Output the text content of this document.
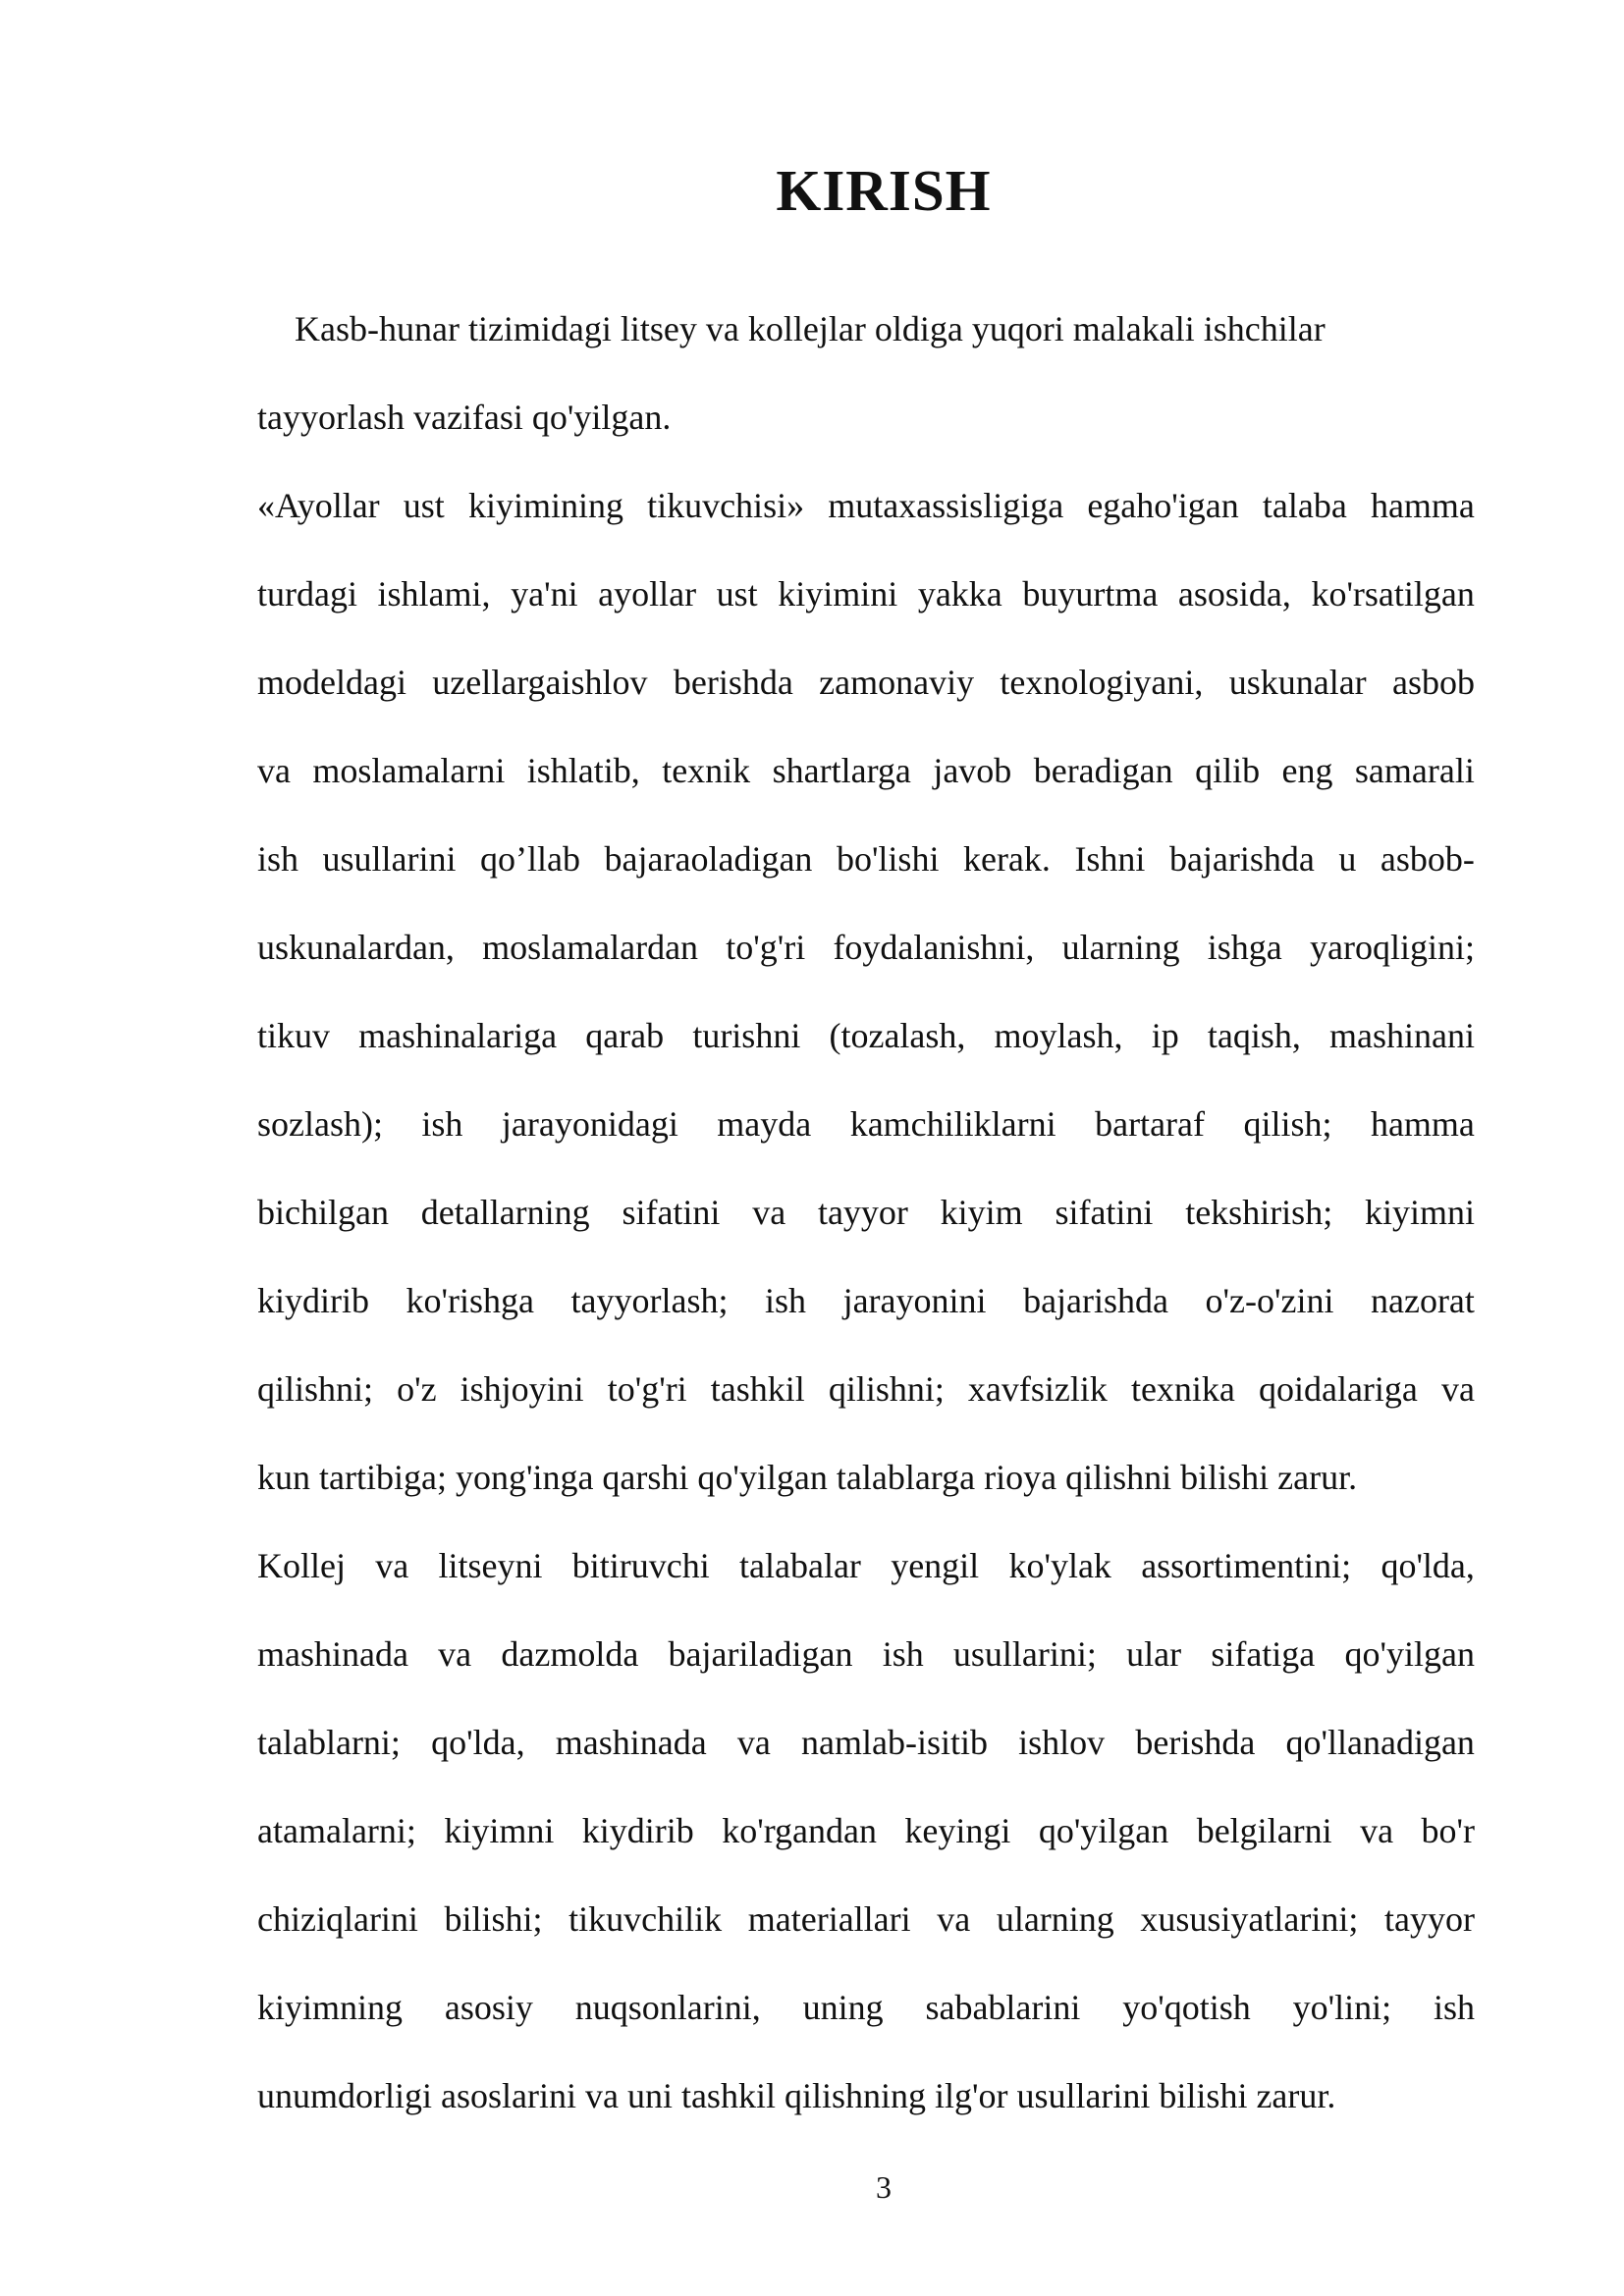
KIRISH
Kasb-hunar tizimidagi litsey va kollejlar oldiga yuqori malakali ishchilar
tayyorlash vazifasi qo'yilgan.
«Ayollar ust kiyimining tikuvchisi» mutaxassisligiga egaho'igan talaba hamma
turdagi ishlami, ya'ni ayollar ust kiyimini yakka buyurtma asosida, ko'rsatilgan
modeldagi uzellargaishlov berishda zamonaviy texnologiyani, uskunalar asbob
va moslamalarni ishlatib, texnik shartlarga javob beradigan qilib eng samarali
ish usullarini qo’llab bajaraoladigan bo'lishi kerak. Ishni bajarishda u asbob-
uskunalardan, moslamalardan to'g'ri foydalanishni, ularning ishga yaroqligini;
tikuv mashinalariga qarab turishni (tozalash, moylash, ip taqish, mashinani
sozlash); ish jarayonidagi mayda kamchiliklarni bartaraf qilish; hamma
bichilgan detallarning sifatini va tayyor kiyim sifatini tekshirish; kiyimni
kiydirib ko'rishga tayyorlash; ish jarayonini bajarishda o'z-o'zini nazorat
qilishni; o'z ishjoyini to'g'ri tashkil qilishni; xavfsizlik texnika qoidalariga va
kun tartibiga; yong'inga qarshi qo'yilgan talablarga rioya qilishni bilishi zarur.
Kollej va litseyni bitiruvchi talabalar yengil ko'ylak assortimentini; qo'lda,
mashinada va dazmolda bajariladigan ish usullarini; ular sifatiga qo'yilgan
talablarni; qo'lda, mashinada va namlab-isitib ishlov berishda qo'llanadigan
atamalarni; kiyimni kiydirib ko'rgandan keyingi qo'yilgan belgilarni va bo'r
chiziqlarini bilishi; tikuvchilik materiallari va ularning xususiyatlarini; tayyor
kiyimning asosiy nuqsonlarini, uning sabablarini yo'qotish yo'lini; ish
unumdorligi asoslarini va uni tashkil qilishning ilg'or usullarini bilishi zarur.
3
